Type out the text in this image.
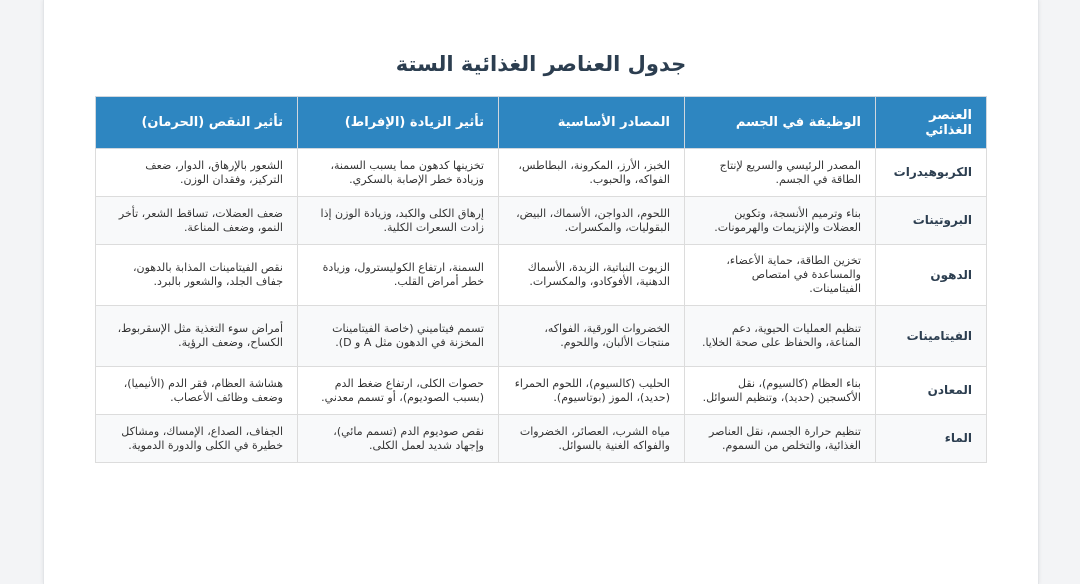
جدول العناصر الغذائية الستة
العنصر الغذائي	الوظيفة في الجسم	المصادر الأساسية	تأثير الزيادة (الإفراط)	تأثير النقص (الحرمان)
الكربوهيدرات	المصدر الرئيسي والسريع لإنتاج الطاقة في الجسم.	الخبز، الأرز، المكرونة، البطاطس، الفواكه، والحبوب.	تخزينها كدهون مما يسبب السمنة، وزيادة خطر الإصابة بالسكري.	الشعور بالإرهاق، الدوار، ضعف التركيز، وفقدان الوزن.
البروتينات	بناء وترميم الأنسجة، وتكوين العضلات والإنزيمات والهرمونات.	اللحوم، الدواجن، الأسماك، البيض، البقوليات، والمكسرات.	إرهاق الكلى والكبد، وزيادة الوزن إذا زادت السعرات الكلية.	ضعف العضلات، تساقط الشعر، تأخر النمو، وضعف المناعة.
الدهون	تخزين الطاقة، حماية الأعضاء، والمساعدة في امتصاص الفيتامينات.	الزيوت النباتية، الزبدة، الأسماك الدهنية، الأفوكادو، والمكسرات.	السمنة، ارتفاع الكوليسترول، وزيادة خطر أمراض القلب.	نقص الفيتامينات المذابة بالدهون، جفاف الجلد، والشعور بالبرد.
الفيتامينات	تنظيم العمليات الحيوية، دعم المناعة، والحفاظ على صحة الخلايا.	الخضروات الورقية، الفواكه، منتجات الألبان، واللحوم.	تسمم فيتاميني (خاصة الفيتامينات المخزنة في الدهون مثل A و D).	أمراض سوء التغذية مثل الإسقربوط، الكساح، وضعف الرؤية.
المعادن	بناء العظام (كالسيوم)، نقل الأكسجين (حديد)، وتنظيم السوائل.	الحليب (كالسيوم)، اللحوم الحمراء (حديد)، الموز (بوتاسيوم).	حصوات الكلى، ارتفاع ضغط الدم (بسبب الصوديوم)، أو تسمم معدني.	هشاشة العظام، فقر الدم (الأنيميا)، وضعف وظائف الأعصاب.
الماء	تنظيم حرارة الجسم، نقل العناصر الغذائية، والتخلص من السموم.	مياه الشرب، العصائر، الخضروات والفواكه الغنية بالسوائل.	نقص صوديوم الدم (تسمم مائي)، وإجهاد شديد لعمل الكلى.	الجفاف، الصداع، الإمساك، ومشاكل خطيرة في الكلى والدورة الدموية.
